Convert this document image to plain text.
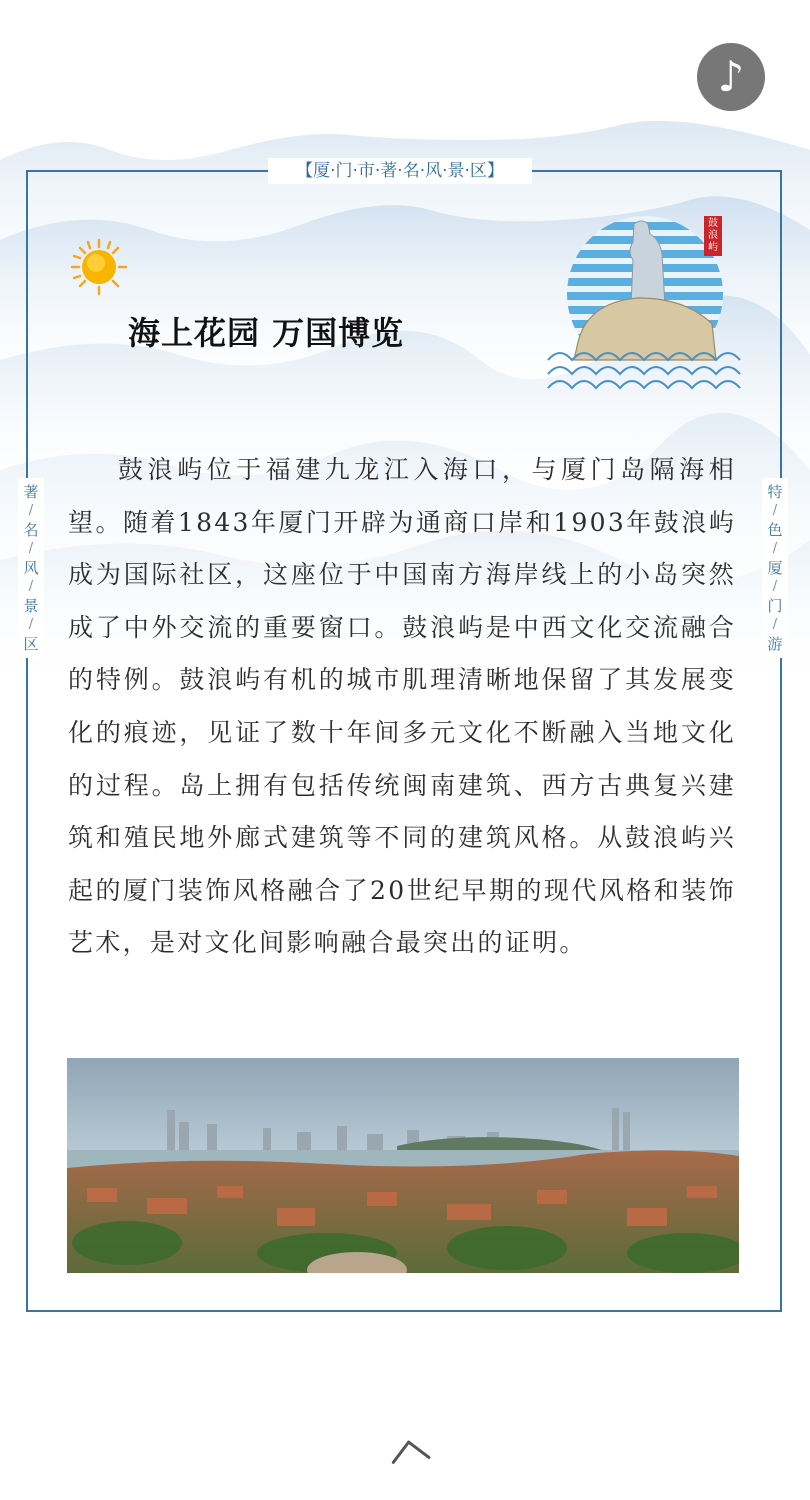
♪
【厦·门·市·著·名·风·景·区】
著
/
名
/
风
/
景
/
区
特
/
色
/
厦
/
门
/
游
海上花园 万国博览
鼓浪屿

鼓浪屿位于福建九龙江入海口，与厦门岛隔海相望。随着1843年厦门开辟为通商口岸和1903年鼓浪屿成为国际社区，这座位于中国南方海岸线上的小岛突然成了中外交流的重要窗口。鼓浪屿是中西文化交流融合的特例。鼓浪屿有机的城市肌理清晰地保留了其发展变化的痕迹，见证了数十年间多元文化不断融入当地文化的过程。岛上拥有包括传统闽南建筑、西方古典复兴建筑和殖民地外廊式建筑等不同的建筑风格。从鼓浪屿兴起的厦门装饰风格融合了20世纪早期的现代风格和装饰艺术，是对文化间影响融合最突出的证明。
